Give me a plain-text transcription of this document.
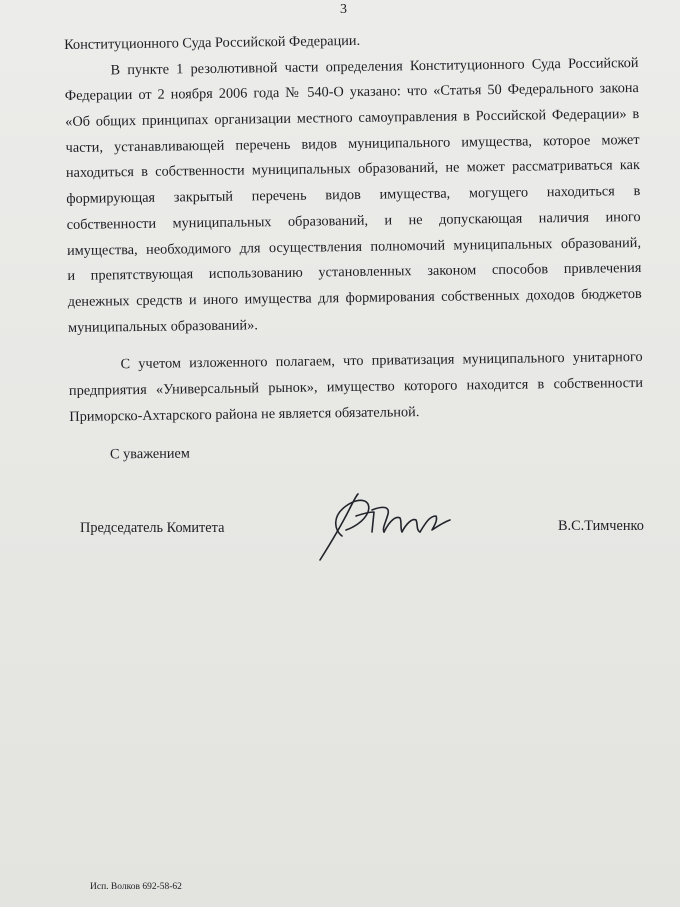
3
Конституционного Суда Российской Федерации.
В пункте 1 резолютивной части определения Конституционного Суда Российской
Федерации от 2 ноября 2006 года № 540-О указано: что «Статья 50 Федерального закона
«Об общих принципах организации местного самоуправления в Российской Федерации» в
части, устанавливающей перечень видов муниципального имущества, которое может
находиться в собственности муниципальных образований, не может рассматриваться как
формирующая закрытый перечень видов имущества, могущего находиться в
собственности муниципальных образований, и не допускающая наличия иного
имущества, необходимого для осуществления полномочий муниципальных образований,
и препятствующая использованию установленных законом способов привлечения
денежных средств и иного имущества для формирования собственных доходов бюджетов
муниципальных образований».
С учетом изложенного полагаем, что приватизация муниципального унитарного
предприятия «Универсальный рынок», имущество которого находится в собственности
Приморско-Ахтарского района не является обязательной.
С уважением
Председатель Комитета	В.С.Тимченко
Исп. Волков 692-58-62
